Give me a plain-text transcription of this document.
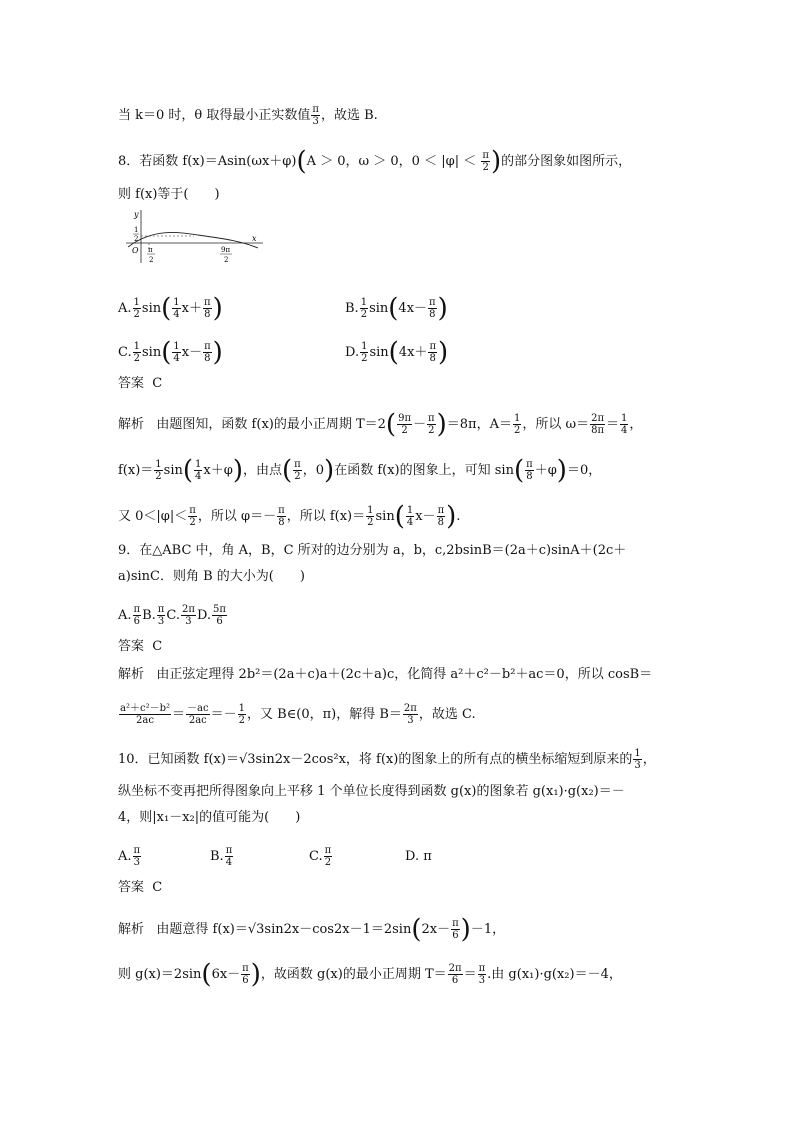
当 k＝0 时，θ 取得最小正实数值 $\frac{\pi}{3}$ ，故选 B.
8．若函数 f(x)＝Asin(ωx＋φ)(A ＞ 0，ω ＞ 0，$0 < |\varphi| < \frac{\pi}{2}$ )的部分图象如图所示，
则 f(x)等于(　　)
y
x
1
2
O π
2
9π
2
A. $\frac{1}{2} \sin( \frac{1}{4} x+ \frac{\pi}{8}$ )	B. $\frac{1}{2} \sin(4x- \frac{\pi}{8}$ )
C. $\frac{1}{2} \sin( \frac{1}{4} x- \frac{\pi}{8}$ )	D. $\frac{1}{2} \sin(4x+ \frac{\pi}{8}$ )
答案 C
解析 由题图知，函数 f(x)的最小正周期 $T=2( \frac{9\pi}{2} - \frac{\pi}{2} )=8\pi$，$A= \frac{1}{2}$ ，所以 $\omega= \frac{2\pi}{8\pi} = \frac{1}{4}$ ，
$f(x)= \frac{1}{2} \sin( \frac{1}{4} x+\varphi)$，由点( $\frac{\pi}{2}$ ，0)在函数 f(x)的图象上，可知 $\sin( \frac{\pi}{8} +\varphi)=0$，
又 $0<|\varphi|< \frac{\pi}{2}$ ，所以 $\varphi=- \frac{\pi}{8}$ ，所以 $f(x)= \frac{1}{2} \sin( \frac{1}{4} x- \frac{\pi}{8}$ ).
9．在△ABC 中，角 A，B，C 所对的边分别为 a，b，c,2bsinB＝(2a＋c)sinA＋(2c＋
a)sinC．则角 B 的大小为(　　)
A. $\frac{\pi}{6} B$. $\frac{\pi}{3} C$. $\frac{2\pi}{3} D$. $\frac{5\pi}{6}$
答案 C
解析 由正弦定理得 2b²＝(2a＋c)a＋(2c＋a)c，化简得 a²＋c²－b²＋ac＝0，所以 cosB＝
$\frac{\text{a²＋c²－b²}}{2ac} = \frac{-ac}{2ac} =- \frac{1}{2}$ ，又 B∈(0，π)，解得 $B= \frac{2\pi}{3}$ ，故选 C.
10．已知函数 f(x)＝√3sin2x－2cos²x，将 f(x)的图象上的所有点的横坐标缩短到原来的 $\frac{1}{3}$ ，
纵坐标不变再把所得图象向上平移 1 个单位长度得到函数 g(x)的图象若 g(x₁)·g(x₂)＝－
4，则|x₁－x₂|的值可能为(　　)
A. $\frac{\pi}{3}$	B. $\frac{\pi}{4}$	C. $\frac{\pi}{2}$	D. π
答案 C
解析 由题意得 $f(x)=√3\sin 2x-\cos 2x-1=2\sin(2x- \frac{\pi}{6} )-1$，
则 $g(x)=2\sin(6x- \frac{\pi}{6}$ )，故函数 g(x)的最小正周期 $T= \frac{2\pi}{6} = \frac{\pi}{3}$ .由 g(x₁)·g(x₂)＝－4，
